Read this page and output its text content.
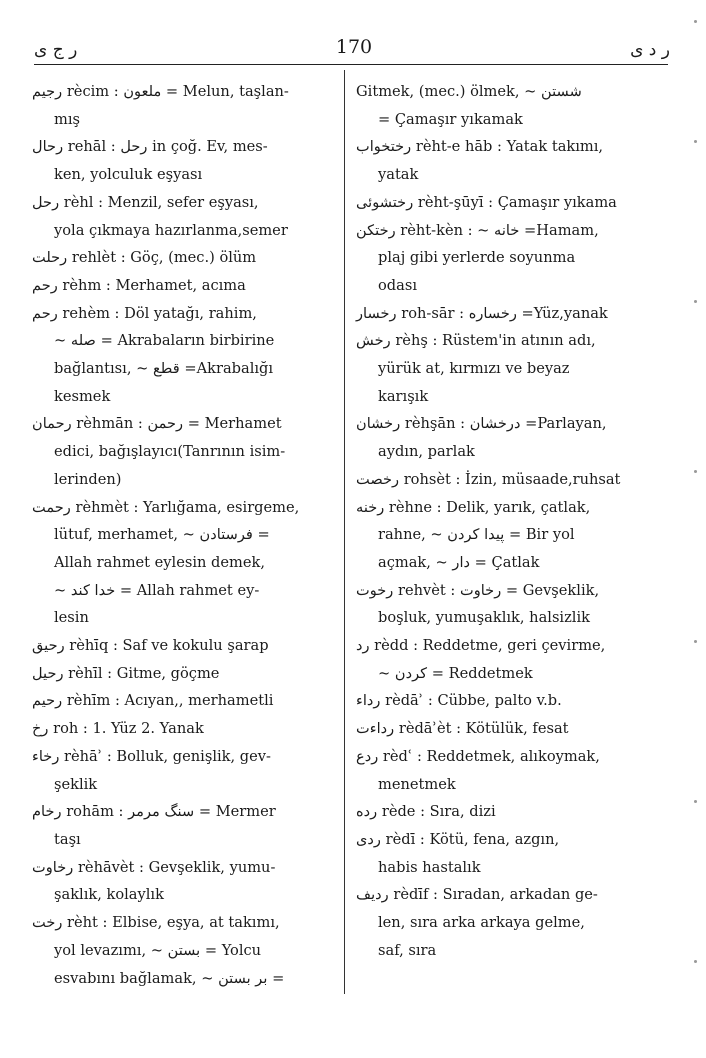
ر ج ى	170	ر د ى
رجيم rècim : ملعون = Melun, taşlan-
mış
رحال rehāl : رحل in çoğ. Ev, mes-
ken, yolculuk eşyası
رحل rèhl : Menzil, sefer eşyası,
yola çıkmaya hazırlanma,semer
رحلت rehlèt : Göç, (mec.) ölüm
رحم rèhm : Merhamet, acıma
رحم rehèm : Döl yatağı, rahim,
~ صله = Akrabaların birbirine
bağlantısı, ~ قطع =Akrabalığı
kesmek
رحمان rèhmān : رحمن = Merhamet
edici, bağışlayıcı(Tanrının isim-
lerinden)
رحمت rèhmèt : Yarlığama, esirgeme,
lütuf, merhamet, ~ فرستادن =
Allah rahmet eylesin demek,
~ خدا كند = Allah rahmet ey-
lesin
رحيق rèhīq : Saf ve kokulu şarap
رحيل rèhīl : Gitme, göçme
رحيم rèhīm : Acıyan,, merhametli
رخ roh : 1. Yüz 2. Yanak
رخاء rèhāʾ : Bolluk, genişlik, gev-
şeklik
رخام rohām : سنگ مرمر = Mermer
taşı
رخاوت rèhāvèt : Gevşeklik, yumu-
şaklık, kolaylık
رخت rèht : Elbise, eşya, at takımı,
yol levazımı, ~ بستن = Yolcu
esvabını bağlamak, ~ بر بستن =
Gitmek, (mec.) ölmek, ~ شستن
= Çamaşır yıkamak
رختخواب rèht-e hāb : Yatak takımı,
yatak
رختشوئى rèht-şūyī : Çamaşır yıkama
رختكن rèht-kèn : ~ خانه =Hamam,
plaj gibi yerlerde soyunma
odası
رخسار roh-sār : رخساره =Yüz,yanak
رخش rèhş : Rüstem'in atının adı,
yürük at, kırmızı ve beyaz
karışık
رخشان rèhşān : درخشان =Parlayan,
aydın, parlak
رخصت rohsèt : İzin, müsaade,ruhsat
رخنه rèhne : Delik, yarık, çatlak,
rahne, ~ پيدا كردن = Bir yol
açmak, ~ دار = Çatlak
رخوت rehvèt : رخاوت = Gevşeklik,
boşluk, yumuşaklık, halsizlik
رد rèdd : Reddetme, geri çevirme,
~ كردن = Reddetmek
رداء rèdāʾ : Cübbe, palto v.b.
رداءت rèdāʾèt : Kötülük, fesat
ردع rèdʿ : Reddetmek, alıkoymak,
menetmek
رده rède : Sıra, dizi
ردى rèdī : Kötü, fena, azgın,
habis hastalık
رديف rèdīf : Sıradan, arkadan ge-
len, sıra arka arkaya gelme,
saf, sıra
